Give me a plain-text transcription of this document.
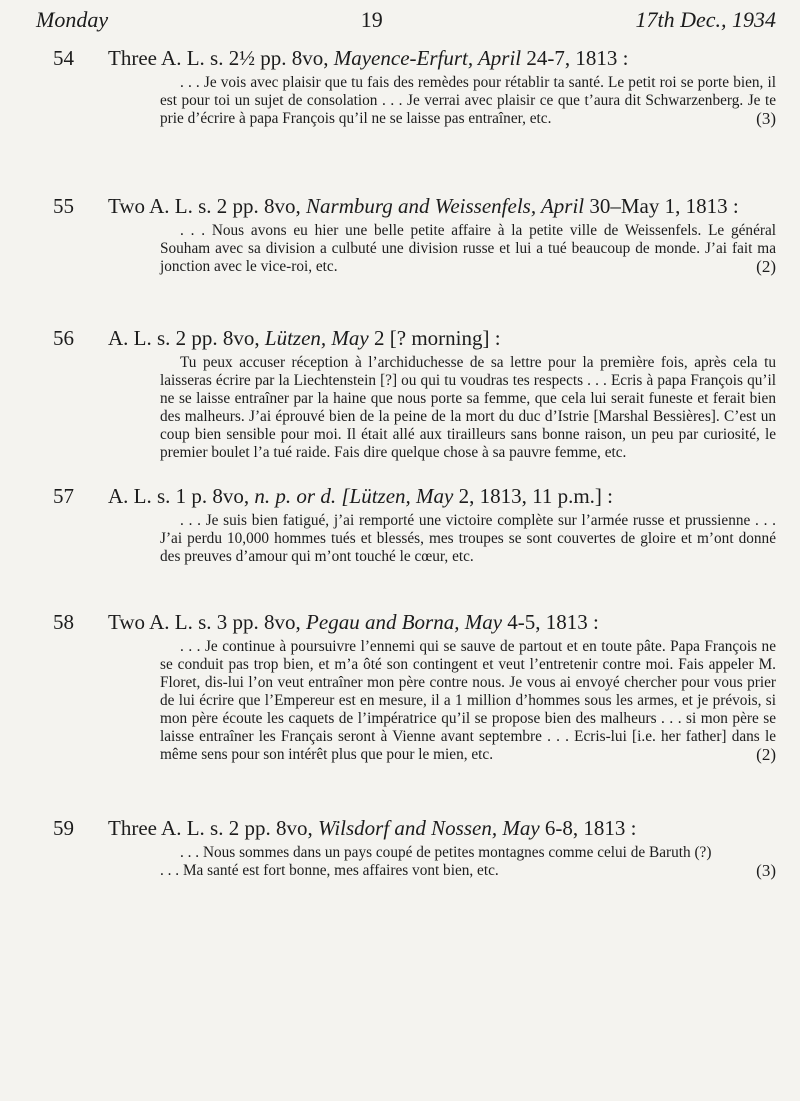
Monday	19	17th Dec., 1934
54 Three A. L. s. 2½ pp. 8vo, Mayence-Erfurt, April 24-7, 1813 :

. . . Je vois avec plaisir que tu fais des remèdes pour rétablir ta santé. Le petit roi se porte bien, il est pour toi un sujet de consolation . . . Je verrai avec plaisir ce que t’aura dit Schwarzenberg. Je te prie d’écrire à papa François qu’il ne se laisse pas entraîner, etc.	(3)

55 Two A. L. s. 2 pp. 8vo, Narmburg and Weissenfels, April 30–May 1, 1813 :

. . . Nous avons eu hier une belle petite affaire à la petite ville de Weissenfels. Le général Souham avec sa division a culbuté une division russe et lui a tué beaucoup de monde. J’ai fait ma jonction avec le vice-roi, etc.	(2)

56 A. L. s. 2 pp. 8vo, Lützen, May 2 [? morning] :

Tu peux accuser réception à l’archiduchesse de sa lettre pour la première fois, après cela tu laisseras écrire par la Liechtenstein [?] ou qui tu voudras tes respects . . . Ecris à papa François qu’il ne se laisse entraîner par la haine que nous porte sa femme, que cela lui serait funeste et ferait bien des malheurs. J’ai éprouvé bien de la peine de la mort du duc d’Istrie [Marshal Bessières]. C’est un coup bien sensible pour moi. Il était allé aux tirailleurs sans bonne raison, un peu par curiosité, le premier boulet l’a tué raide. Fais dire quelque chose à sa pauvre femme, etc.

57 A. L. s. 1 p. 8vo, n. p. or d. [Lützen, May 2, 1813, 11 p.m.] :

. . . Je suis bien fatigué, j’ai remporté une victoire complète sur l’armée russe et prussienne . . . J’ai perdu 10,000 hommes tués et blessés, mes troupes se sont couvertes de gloire et m’ont donné des preuves d’amour qui m’ont touché le cœur, etc.

58 Two A. L. s. 3 pp. 8vo, Pegau and Borna, May 4-5, 1813 :

. . . Je continue à poursuivre l’ennemi qui se sauve de partout et en toute pâte. Papa François ne se conduit pas trop bien, et m’a ôté son contingent et veut l’entretenir contre moi. Fais appeler M. Floret, dis-lui l’on veut entraîner mon père contre nous. Je vous ai envoyé chercher pour vous prier de lui écrire que l’Empereur est en mesure, il a 1 million d’hommes sous les armes, et je prévois, si mon père écoute les caquets de l’impératrice qu’il se propose bien des malheurs . . . si mon père se laisse entraîner les Français seront à Vienne avant septembre . . . Ecris-lui [i.e. her father] dans le même sens pour son intérêt plus que pour le mien, etc.	(2)

59 Three A. L. s. 2 pp. 8vo, Wilsdorf and Nossen, May 6-8, 1813 :

. . . Nous sommes dans un pays coupé de petites montagnes comme celui de Baruth (?)

. . . Ma santé est fort bonne, mes affaires vont bien, etc.	(3)
